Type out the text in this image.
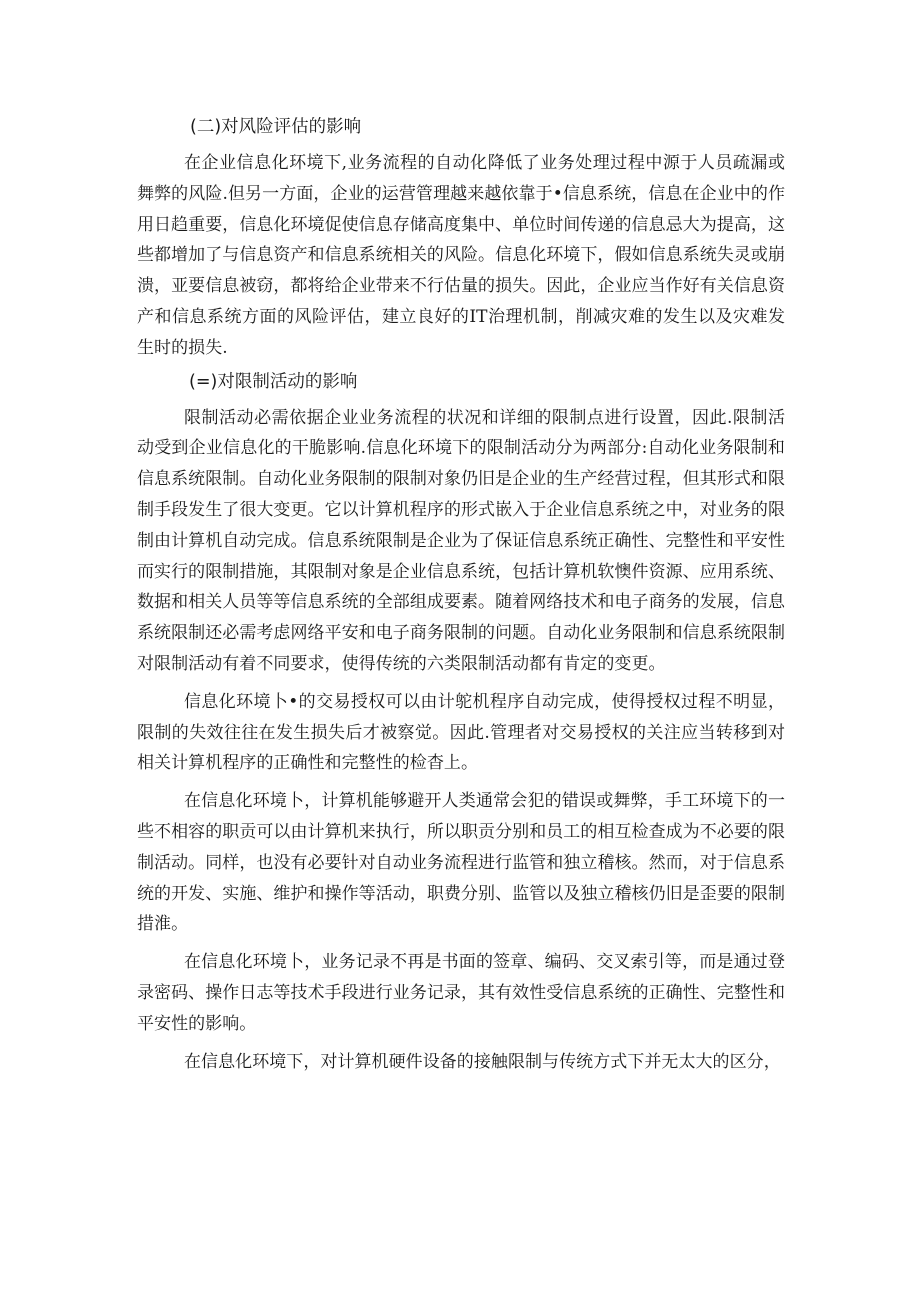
(二)对风险评估的影响

在企业信息化环境下,业务流程的自动化降低了业务处理过程中源于人员疏漏或舞弊的风险.但另一方面，企业的运营管理越来越依靠于•信息系统，信息在企业中的作用日趋重要，信息化环境促使信息存储高度集中、单位时间传递的信息忌大为提高，这些都增加了与信息资产和信息系统相关的风险。信息化环境下，假如信息系统失灵或崩溃，亚要信息被窃，都将给企业带来不行估量的损失。因此，企业应当作好有关信息资产和信息系统方面的风险评估，建立良好的IT治理机制，削减灾难的发生以及灾难发生时的损失.

(=)对限制活动的影响

限制活动必需依据企业业务流程的状况和详细的限制点进行设置，因此.限制活动受到企业信息化的干脆影响.信息化环境下的限制活动分为两部分:自动化业务限制和信息系统限制。自动化业务限制的限制对象仍旧是企业的生产经营过程，但其形式和限制手段发生了很大变更。它以计算机程序的形式嵌入于企业信息系统之中，对业务的限制由计算机自动完成。信息系统限制是企业为了保证信息系统正确性、完整性和平安性而实行的限制措施，其限制对象是企业信息系统，包括计算机软懊件资源、应用系统、数据和相关人员等等信息系统的全部组成要素。随着网络技术和电子商务的发展，信息系统限制还必需考虑网络平安和电子商务限制的问题。自动化业务限制和信息系统限制对限制活动有着不同要求，使得传统的六类限制活动都有肯定的变更。

信息化环境卜•的交易授权可以由计鸵机程序自动完成，使得授权过程不明显，限制的失效往往在发生损失后才被察觉。因此.管理者对交易授权的关注应当转移到对相关计算机程序的正确性和完整性的检杳上。

在信息化环境卜，计算机能够避开人类通常会犯的错误或舞弊，手工环境下的一些不相容的职贡可以由计算机来执行，所以职贡分别和员工的相互检查成为不必要的限制活动。同样，也没有必要针对自动业务流程进行监管和独立稽核。然而，对于信息系统的开发、实施、维护和操作等活动，职费分别、监管以及独立稽核仍旧是歪要的限制措淮。

在信息化环境卜，业务记录不再是书面的签章、编码、交叉索引等，而是通过登录密码、操作日志等技术手段进行业务记录，其有效性受信息系统的正确性、完整性和平安性的影响。

在信息化环境下，对计算机硬件设备的接触限制与传统方式下并无太大的区分，
